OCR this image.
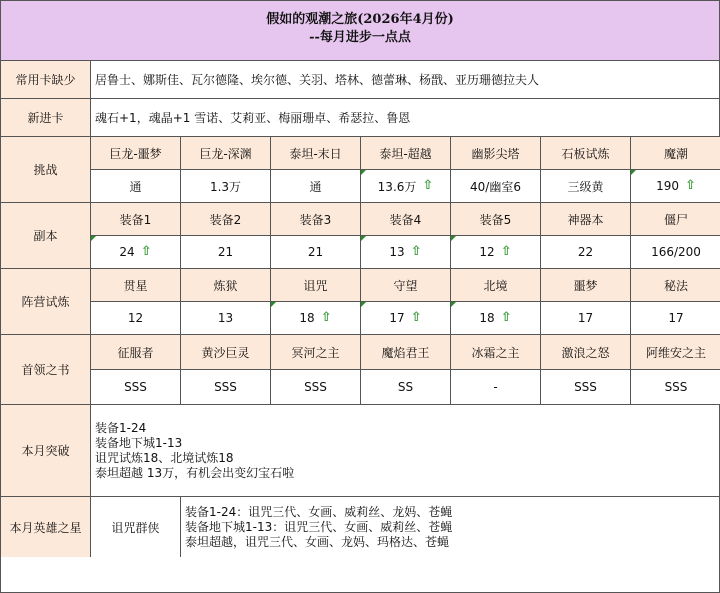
假如的观潮之旅(2026年4月份)
--每月进步一点点
常用卡缺少	居鲁士、娜斯佳、瓦尔德隆、埃尔德、关羽、塔林、德蕾琳、杨戬、亚历珊德拉夫人
新进卡	魂石+1，魂晶+1 雪诺、艾莉亚、梅丽珊卓、希瑟拉、鲁恩
挑战
巨龙-噩梦	巨龙-深渊	泰坦-末日	泰坦-超越	幽影尖塔	石板试炼	魔潮
通	1.3万	通	13.6万 ⇧	40/幽室6	三级黄	190 ⇧
副本
装备1	装备2	装备3	装备4	装备5	神器本	僵尸
24 ⇧	21	21	13 ⇧	12 ⇧	22	166/200
阵营试炼
贯星	炼狱	诅咒	守望	北境	噩梦	秘法
12	13	18 ⇧	17 ⇧	18 ⇧	17	17
首领之书
征服者	黄沙巨灵	冥河之主	魔焰君王	冰霜之主	激浪之怒	阿维安之主
SSS	SSS	SSS	SS	-	SSS	SSS
本月突破
装备1-24
装备地下城1-13
诅咒试炼18、北境试炼18
泰坦超越 13万，有机会出变幻宝石啦
本月英雄之星	诅咒群侠
装备1-24：诅咒三代、女画、威莉丝、龙妈、苍蝇
装备地下城1-13：诅咒三代、女画、威莉丝、苍蝇
泰坦超越，诅咒三代、女画、龙妈、玛格达、苍蝇
